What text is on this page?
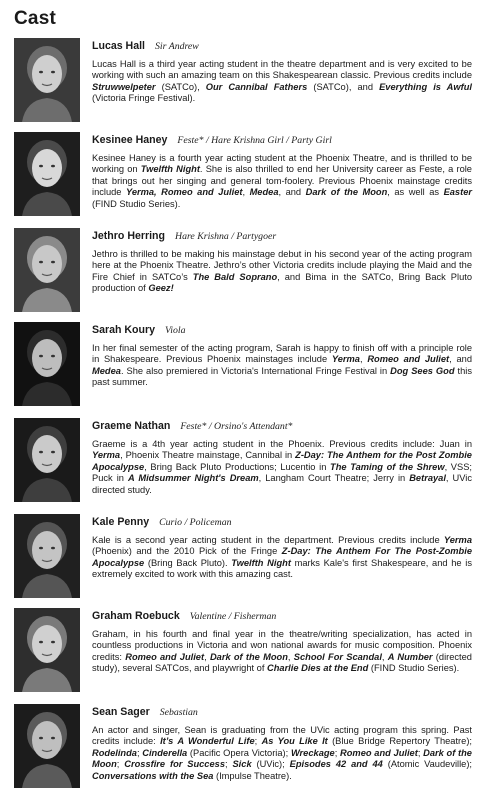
Cast
Lucas Hall Sir Andrew
Lucas Hall is a third year acting student in the theatre department and is very excited to be working with such an amazing team on this Shakespearean classic. Previous credits include Struwwelpeter (SATCo), Our Cannibal Fathers (SATCo), and Everything is Awful (Victoria Fringe Festival).
Kesinee Haney Feste* / Hare Krishna Girl / Party Girl
Kesinee Haney is a fourth year acting student at the Phoenix Theatre, and is thrilled to be working on Twelfth Night. She is also thrilled to end her University career as Feste, a role that brings out her singing and general tom-foolery. Previous Phoenix mainstage credits include Yerma, Romeo and Juliet, Medea, and Dark of the Moon, as well as Easter (FIND Studio Series).
Jethro Herring Hare Krishna / Partygoer
Jethro is thrilled to be making his mainstage debut in his second year of the acting program here at the Phoenix Theatre. Jethro’s other Victoria credits include playing the Maid and the Fire Chief in SATCo’s The Bald Soprano, and Bima in the SATCo, Bring Back Pluto production of Geez!
Sarah Koury Viola
In her final semester of the acting program, Sarah is happy to finish off with a principle role in Shakespeare. Previous Phoenix mainstages include Yerma, Romeo and Juliet, and Medea. She also premiered in Victoria's International Fringe Festival in Dog Sees God this past summer.
Graeme Nathan Feste* / Orsino's Attendant*
Graeme is a 4th year acting student in the Phoenix. Previous credits include: Juan in Yerma, Phoenix Theatre mainstage, Cannibal in Z-Day: The Anthem for the Post Zombie Apocalypse, Bring Back Pluto Productions; Lucentio in The Taming of the Shrew, VSS; Puck in A Midsummer Night's Dream, Langham Court Theatre; Jerry in Betrayal, UVic directed study.
Kale Penny Curio / Policeman
Kale is a second year acting student in the department. Previous credits include Yerma (Phoenix) and the 2010 Pick of the Fringe Z-Day: The Anthem For The Post-Zombie Apocalypse (Bring Back Pluto). Twelfth Night marks Kale's first Shakespeare, and he is extremely excited to work with this amazing cast.
Graham Roebuck Valentine / Fisherman
Graham, in his fourth and final year in the theatre/writing specialization, has acted in countless productions in Victoria and won national awards for music composition. Phoenix credits: Romeo and Juliet, Dark of the Moon, School For Scandal, A Number (directed study), several SATCos, and playwright of Charlie Dies at the End (FIND Studio Series).
Sean Sager Sebastian
An actor and singer, Sean is graduating from the UVic acting program this spring. Past credits include: It’s A Wonderful Life; As You Like It (Blue Bridge Repertory Theatre); Rodelinda; Cinderella (Pacific Opera Victoria); Wreckage; Romeo and Juliet; Dark of the Moon; Crossfire for Success; Sick (UVic); Episodes 42 and 44 (Atomic Vaudeville); Conversations with the Sea (Impulse Theatre).
